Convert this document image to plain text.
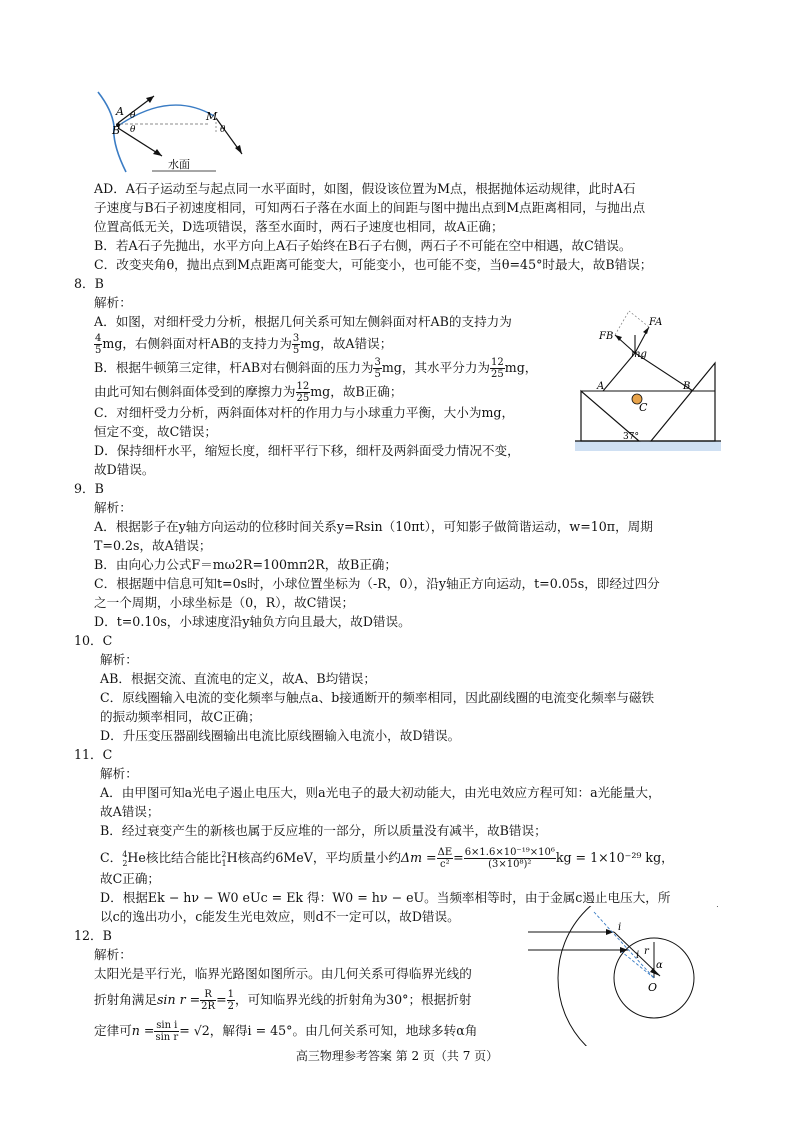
A
B
M
θ
θ	θ
水面
AD．A石子运动至与起点同一水平面时，如图，假设该位置为M点，根据抛体运动规律，此时A石
子速度与B石子初速度相同，可知两石子落在水面上的间距与图中抛出点到M点距离相同，与抛出点
位置高低无关，D选项错误，落至水面时，两石子速度也相同，故A正确；
B．若A石子先抛出，水平方向上A石子始终在B石子右侧，两石子不可能在空中相遇，故C错误。
C．改变夹角θ，抛出点到M点距离可能变大，可能变小，也可能不变，当θ=45°时最大，故B错误；
8．B
解析：
A．如图，对细杆受力分析，根据几何关系可知左侧斜面对杆AB的支持力为
$\frac{4}{5}$ mg，右侧斜面对杆AB的支持力为 $\frac{3}{5}$ mg，故A错误；
B．根据牛顿第三定律，杆AB对右侧斜面的压力为 $\frac{3}{5}$ mg，其水平分力为 $\frac{12}{25}$ mg，
由此可知右侧斜面体受到的摩擦力为 $\frac{12}{25}$ mg，故B正确；
C．对细杆受力分析，两斜面体对杆的作用力与小球重力平衡，大小为mg，
恒定不变，故C错误；
D．保持细杆水平，缩短长度，细杆平行下移，细杆及两斜面受力情况不变，
故D错误。
FB
FA
mg
A	B
C
37°
9．B
解析：
A．根据影子在y轴方向运动的位移时间关系y=Rsin（10πt），可知影子做简谐运动，w=10π，周期
T=0.2s，故A错误；
B．由向心力公式F＝mω2R=100mπ2R，故B正确；
C．根据题中信息可知t=0s时，小球位置坐标为（-R，0），沿y轴正方向运动，t=0.05s，即经过四分
之一个周期，小球坐标是（0，R），故C错误；
D．t=0.10s，小球速度沿y轴负方向且最大，故D错误。
10．C
解析：
AB．根据交流、直流电的定义，故A、B均错误；
C．原线圈输入电流的变化频率与触点a、b接通断开的频率相同，因此副线圈的电流变化频率与磁铁
的振动频率相同，故C正确；
D．升压变压器副线圈输出电流比原线圈输入电流小，故D错误。
11．C
解析：
A．由甲图可知a光电子遏止电压大，则a光电子的最大初动能大，由光电效应方程可知：a光能量大，
故A错误；
B．经过衰变产生的新核也属于反应堆的一部分，所以质量没有减半，故B错误；
C．$^4_2$He核比结合能比$^2_1$H核高约6MeV，平均质量小约$\Delta m = \frac{\Delta E}{\text{c²}} = \frac{\text{6×1.6×10⁻¹⁹×10⁶}}{\text{(3×10⁸)²}}$ kg = 1×10⁻²⁹ kg，
故C正确；
D．根据Ek − hν − W0 eUc = Ek 得：W0 = hν − eU。当频率相等时，由于金属c遏止电压大，所
以c的逸出功小，c能发生光电效应，则d不一定可以，故D错误。
12．B
解析：
太阳光是平行光，临界光路图如图所示。由几何关系可得临界光线的
折射角满足$\sin r = \frac{R}{2R} = \frac{1}{2}$ ，可知临界光线的折射角为30°；根据折射
定律可$n = \frac{\text{sin i}}{\text{sin r}} = √2$，解得i = 45°。由几何关系可知，地球多转α角
i
i r
α
O
高三物理参考答案 第 2 页（共 7 页）
